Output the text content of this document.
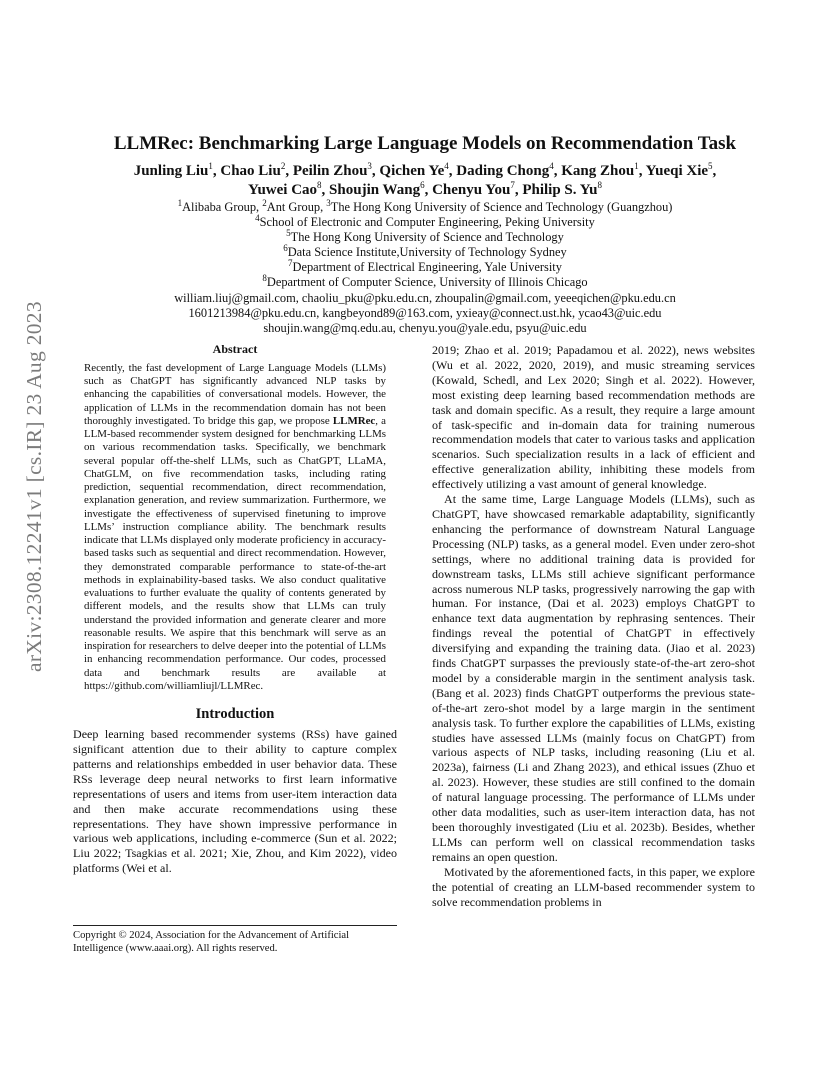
arXiv:2308.12241v1 [cs.IR] 23 Aug 2023
LLMRec: Benchmarking Large Language Models on Recommendation Task
Junling Liu$^1$, Chao Liu$^2$, Peilin Zhou$^3$, Qichen Ye$^4$, Dading Chong$^4$, Kang Zhou$^1$, Yueqi Xie$^5$,
Yuwei Cao$^8$, Shoujin Wang$^6$, Chenyu You$^7$, Philip S. Yu$^8$
$^1$Alibaba Group, $^2$Ant Group, $^3$The Hong Kong University of Science and Technology (Guangzhou)
$^4$School of Electronic and Computer Engineering, Peking University
$^5$The Hong Kong University of Science and Technology
$^6$Data Science Institute,University of Technology Sydney
$^7$Department of Electrical Engineering, Yale University
$^8$Department of Computer Science, University of Illinois Chicago
william.liuj@gmail.com, chaoliu_pku@pku.edu.cn, zhoupalin@gmail.com, yeeeqichen@pku.edu.cn
1601213984@pku.edu.cn, kangbeyond89@163.com, yxieay@connect.ust.hk, ycao43@uic.edu
shoujin.wang@mq.edu.au, chenyu.you@yale.edu, psyu@uic.edu
Abstract
Recently, the fast development of Large Language Models (LLMs) such as ChatGPT has significantly advanced NLP tasks by enhancing the capabilities of conversational models. However, the application of LLMs in the recommendation domain has not been thoroughly investigated. To bridge this gap, we propose LLMRec, a LLM-based recommender system designed for benchmarking LLMs on various recommendation tasks. Specifically, we benchmark several popular off-the-shelf LLMs, such as ChatGPT, LLaMA, ChatGLM, on five recommendation tasks, including rating prediction, sequential recommendation, direct recommendation, explanation generation, and review summarization. Furthermore, we investigate the effectiveness of supervised finetuning to improve LLMs’ instruction compliance ability. The benchmark results indicate that LLMs displayed only moderate proficiency in accuracy-based tasks such as sequential and direct recommendation. However, they demonstrated comparable performance to state-of-the-art methods in explainability-based tasks. We also conduct qualitative evaluations to further evaluate the quality of contents generated by different models, and the results show that LLMs can truly understand the provided information and generate clearer and more reasonable results. We aspire that this benchmark will serve as an inspiration for researchers to delve deeper into the potential of LLMs in enhancing recommendation performance. Our codes, processed data and benchmark results are available at https://github.com/williamliujl/LLMRec.
Introduction

Deep learning based recommender systems (RSs) have gained significant attention due to their ability to capture complex patterns and relationships embedded in user behavior data. These RSs leverage deep neural networks to first learn informative representations of users and items from user-item interaction data and then make accurate recommendations using these representations. They have shown impressive performance in various web applications, including e-commerce (Sun et al. 2022; Liu 2022; Tsagkias et al. 2021; Xie, Zhou, and Kim 2022), video platforms (Wei et al.

2019; Zhao et al. 2019; Papadamou et al. 2022), news websites (Wu et al. 2022, 2020, 2019), and music streaming services (Kowald, Schedl, and Lex 2020; Singh et al. 2022). However, most existing deep learning based recommendation methods are task and domain specific. As a result, they require a large amount of task-specific and in-domain data for training numerous recommendation models that cater to various tasks and application scenarios. Such specialization results in a lack of efficient and effective generalization ability, inhibiting these models from effectively utilizing a vast amount of general knowledge.

At the same time, Large Language Models (LLMs), such as ChatGPT, have showcased remarkable adaptability, significantly enhancing the performance of downstream Natural Language Processing (NLP) tasks, as a general model. Even under zero-shot settings, where no additional training data is provided for downstream tasks, LLMs still achieve significant performance across numerous NLP tasks, progressively narrowing the gap with human. For instance, (Dai et al. 2023) employs ChatGPT to enhance text data augmentation by rephrasing sentences. Their findings reveal the potential of ChatGPT in effectively diversifying and expanding the training data. (Jiao et al. 2023) finds ChatGPT surpasses the previously state-of-the-art zero-shot model by a considerable margin in the sentiment analysis task. (Bang et al. 2023) finds ChatGPT outperforms the previous state-of-the-art zero-shot model by a large margin in the sentiment analysis task. To further explore the capabilities of LLMs, existing studies have assessed LLMs (mainly focus on ChatGPT) from various aspects of NLP tasks, including reasoning (Liu et al. 2023a), fairness (Li and Zhang 2023), and ethical issues (Zhuo et al. 2023). However, these studies are still confined to the domain of natural language processing. The performance of LLMs under other data modalities, such as user-item interaction data, has not been thoroughly investigated (Liu et al. 2023b). Besides, whether LLMs can perform well on classical recommendation tasks remains an open question.

Motivated by the aforementioned facts, in this paper, we explore the potential of creating an LLM-based recommender system to solve recommendation problems in

Copyright © 2024, Association for the Advancement of Artificial Intelligence (www.aaai.org). All rights reserved.
